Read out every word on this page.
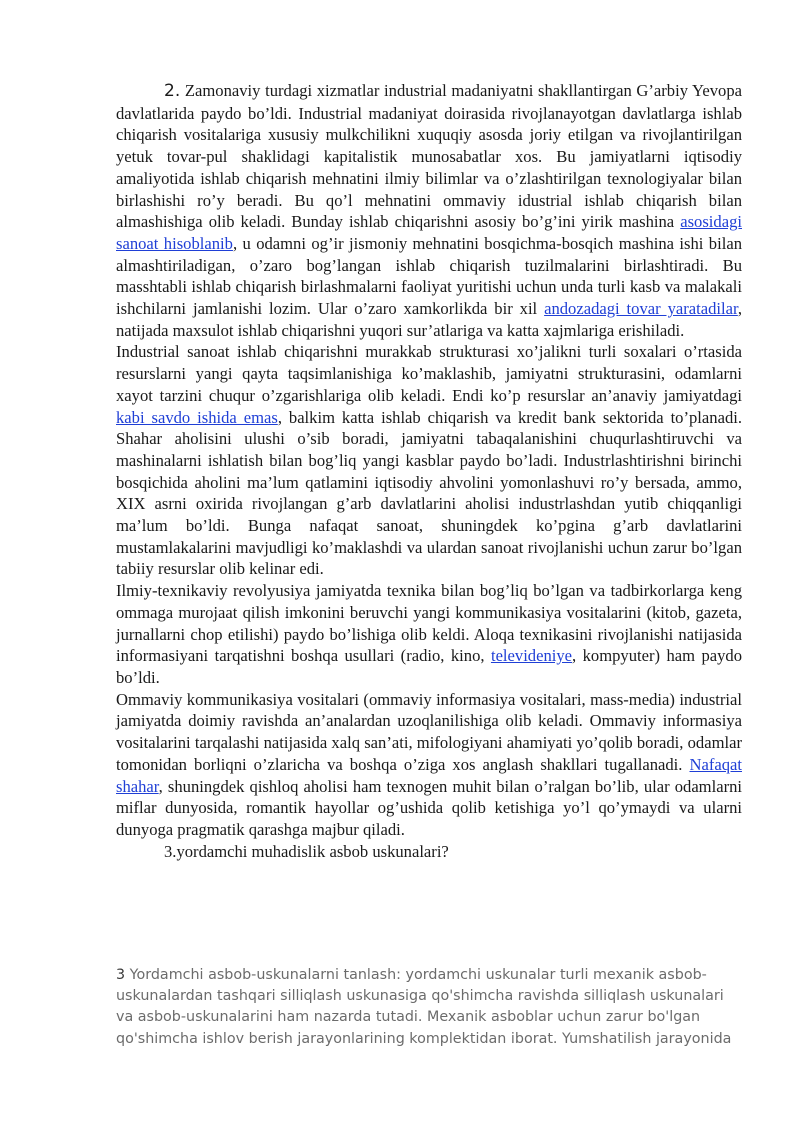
2. Zamonaviy turdagi xizmatlar industrial madaniyatni shakllantirgan G’arbiy Yevopa davlatlarida paydo bo’ldi. Industrial madaniyat doirasida rivojlanayotgan davlatlarga ishlab chiqarish vositalariga xususiy mulkchilikni xuquqiy asosda joriy etilgan va rivojlantirilgan yetuk tovar-pul shaklidagi kapitalistik munosabatlar xos. Bu jamiyatlarni iqtisodiy amaliyotida ishlab chiqarish mehnatini ilmiy bilimlar va o’zlashtirilgan texnologiyalar bilan birlashishi ro’y beradi. Bu qo’l mehnatini ommaviy idustrial ishlab chiqarish bilan almashishiga olib keladi. Bunday ishlab chiqarishni asosiy bo’g’ini yirik mashina asosidagi sanoat hisoblanib, u odamni og’ir jismoniy mehnatini bosqichma-bosqich mashina ishi bilan almashtiriladigan, o’zaro bog’langan ishlab chiqarish tuzilmalarini birlashtiradi. Bu masshtabli ishlab chiqarish birlashmalarni faoliyat yuritishi uchun unda turli kasb va malakali ishchilarni jamlanishi lozim. Ular o’zaro xamkorlikda bir xil andozadagi tovar yaratadilar, natijada maxsulot ishlab chiqarishni yuqori sur’atlariga va katta xajmlariga erishiladi.

Industrial sanoat ishlab chiqarishni murakkab strukturasi xo’jalikni turli soxalari o’rtasida resurslarni yangi qayta taqsimlanishiga ko’maklashib, jamiyatni strukturasini, odamlarni xayot tarzini chuqur o’zgarishlariga olib keladi. Endi ko’p resurslar an’anaviy jamiyatdagi kabi savdo ishida emas, balkim katta ishlab chiqarish va kredit bank sektorida to’planadi. Shahar aholisini ulushi o’sib boradi, jamiyatni tabaqalanishini chuqurlashtiruvchi va mashinalarni ishlatish bilan bog’liq yangi kasblar paydo bo’ladi. Industrlashtirishni birinchi bosqichida aholini ma’lum qatlamini iqtisodiy ahvolini yomonlashuvi ro’y bersada, ammo, XIX asrni oxirida rivojlangan g’arb davlatlarini aholisi industrlashdan yutib chiqqanligi ma’lum bo’ldi. Bunga nafaqat sanoat, shuningdek ko’pgina g’arb davlatlarini mustamlakalarini mavjudligi ko’maklashdi va ulardan sanoat rivojlanishi uchun zarur bo’lgan tabiiy resurslar olib kelinar edi.

Ilmiy-texnikaviy revolyusiya jamiyatda texnika bilan bog’liq bo’lgan va tadbirkorlarga keng ommaga murojaat qilish imkonini beruvchi yangi kommunikasiya vositalarini (kitob, gazeta, jurnallarni chop etilishi) paydo bo’lishiga olib keldi. Aloqa texnikasini rivojlanishi natijasida informasiyani tarqatishni boshqa usullari (radio, kino, televideniye, kompyuter) ham paydo bo’ldi.

Ommaviy kommunikasiya vositalari (ommaviy informasiya vositalari, mass-media) industrial jamiyatda doimiy ravishda an’analardan uzoqlanilishiga olib keladi. Ommaviy informasiya vositalarini tarqalashi natijasida xalq san’ati, mifologiyani ahamiyati yo’qolib boradi, odamlar tomonidan borliqni o’zlaricha va boshqa o’ziga xos anglash shakllari tugallanadi. Nafaqat shahar, shuningdek qishloq aholisi ham texnogen muhit bilan o’ralgan bo’lib, ular odamlarni miflar dunyosida, romantik hayollar og’ushida qolib ketishiga yo’l qo’ymaydi va ularni dunyoga pragmatik qarashga majbur qiladi.

3.yordamchi muhadislik asbob uskunalari?

3 Yordamchi asbob-uskunalarni tanlash: yordamchi uskunalar turli mexanik asbob-uskunalardan tashqari silliqlash uskunasiga qo'shimcha ravishda silliqlash uskunalari va asbob-uskunalarini ham nazarda tutadi. Mexanik asboblar uchun zarur bo'lgan qo'shimcha ishlov berish jarayonlarining komplektidan iborat. Yumshatilish jarayonida
